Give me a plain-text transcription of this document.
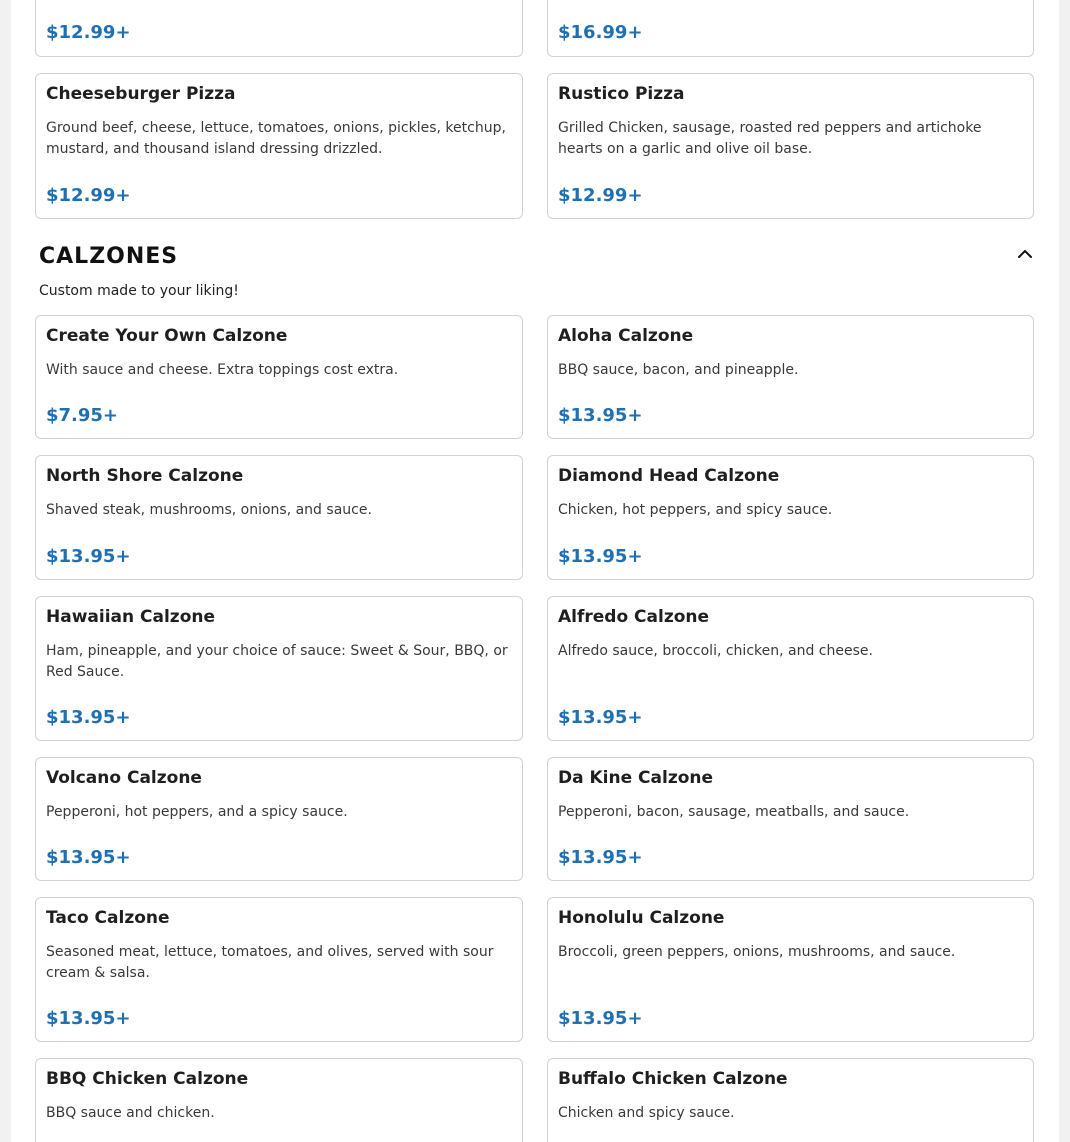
$12.99+	$16.99+
Cheeseburger Pizza
Ground beef, cheese, lettuce, tomatoes, onions, pickles, ketchup, mustard, and thousand island dressing drizzled.
$12.99+
Rustico Pizza
Grilled Chicken, sausage, roasted red peppers and artichoke hearts on a garlic and olive oil base.
$12.99+
CALZONES
Custom made to your liking!
Create Your Own Calzone
With sauce and cheese. Extra toppings cost extra.
$7.95+
Aloha Calzone
BBQ sauce, bacon, and pineapple.
$13.95+
North Shore Calzone
Shaved steak, mushrooms, onions, and sauce.
$13.95+
Diamond Head Calzone
Chicken, hot peppers, and spicy sauce.
$13.95+
Hawaiian Calzone
Ham, pineapple, and your choice of sauce: Sweet & Sour, BBQ, or Red Sauce.
$13.95+
Alfredo Calzone
Alfredo sauce, broccoli, chicken, and cheese.
$13.95+
Volcano Calzone
Pepperoni, hot peppers, and a spicy sauce.
$13.95+
Da Kine Calzone
Pepperoni, bacon, sausage, meatballs, and sauce.
$13.95+
Taco Calzone
Seasoned meat, lettuce, tomatoes, and olives, served with sour cream & salsa.
$13.95+
Honolulu Calzone
Broccoli, green peppers, onions, mushrooms, and sauce.
$13.95+
BBQ Chicken Calzone
BBQ sauce and chicken.
Buffalo Chicken Calzone
Chicken and spicy sauce.
